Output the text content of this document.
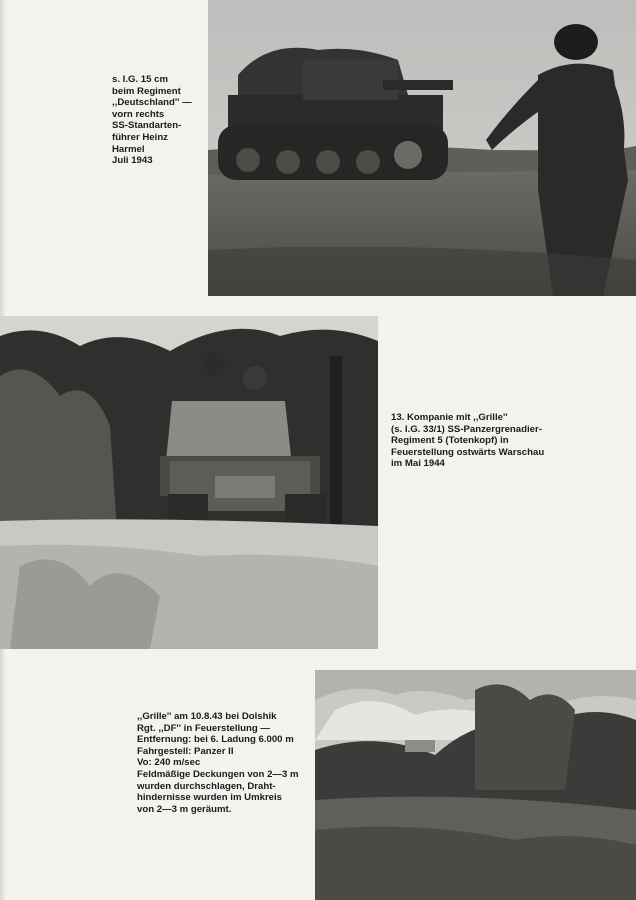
s. I.G. 15 cm
beim Regiment
,,Deutschland'' —
vorn rechts
SS-Standarten-
führer Heinz
Harmel
Juli 1943
13. Kompanie mit ,,Grille''
(s. I.G. 33/1) SS-Panzergrenadier-
Regiment 5 (Totenkopf) in
Feuerstellung ostwärts Warschau
im Mai 1944
,,Grille'' am 10.8.43 bei Dolshik
Rgt. ,,DF'' in Feuerstellung —
Entfernung: bei 6. Ladung 6.000 m
Fahrgestell: Panzer II
Vo: 240 m/sec
Feldmäßige Deckungen von 2—3 m
wurden durchschlagen, Draht-
hindernisse wurden im Umkreis
von 2—3 m geräumt.
